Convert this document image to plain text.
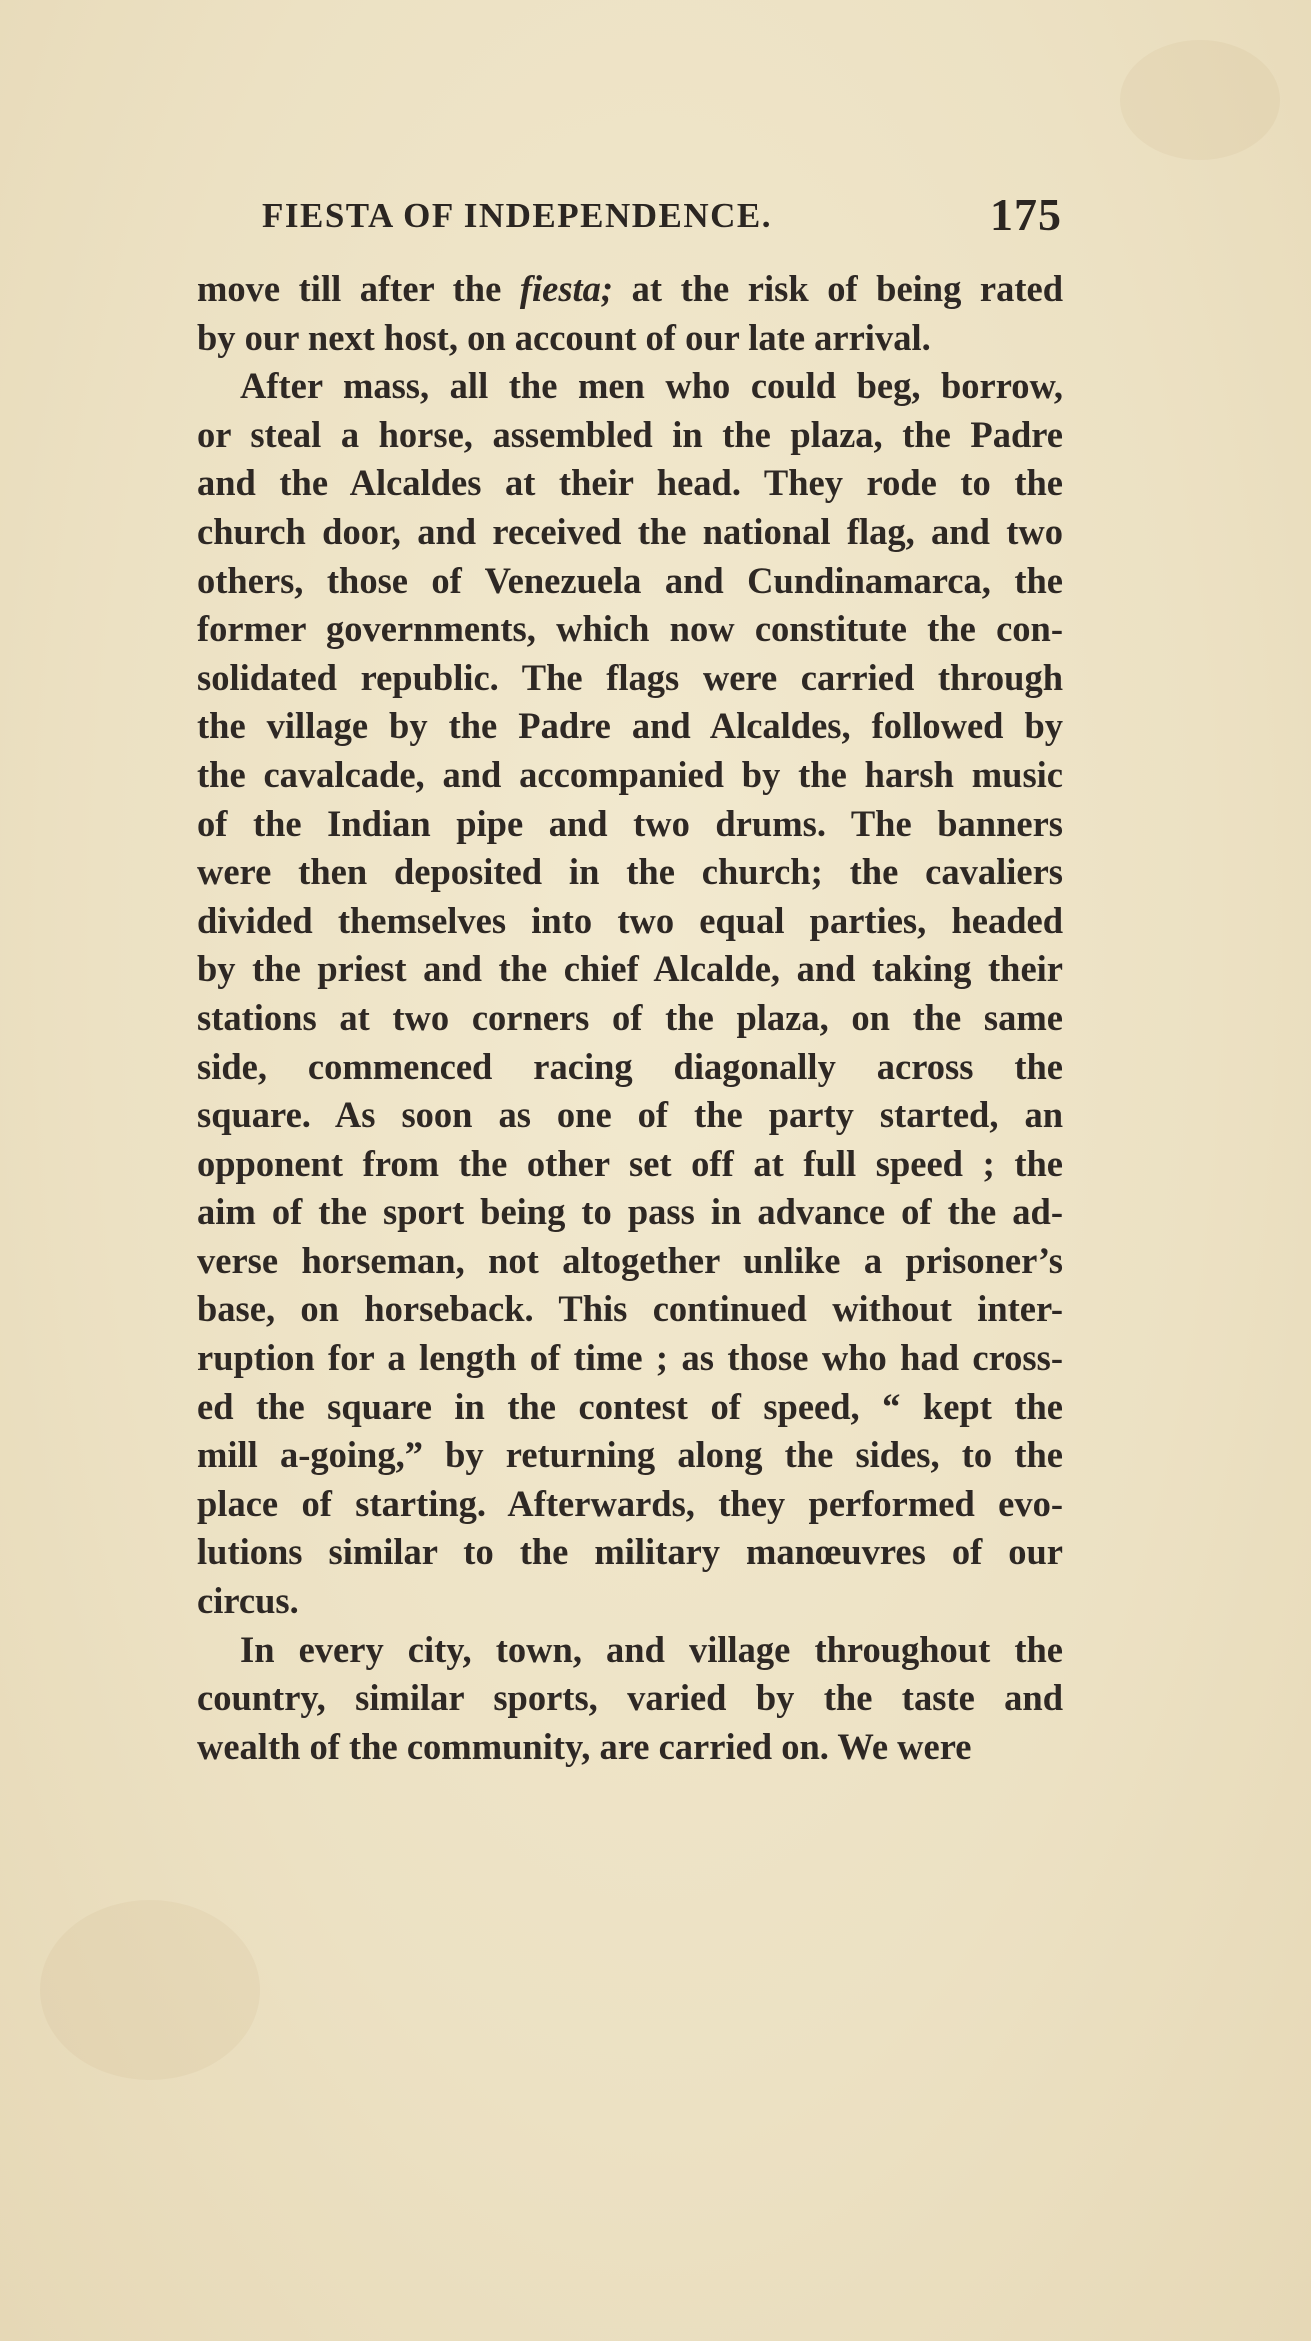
FIESTA OF INDEPENDENCE.	175
move till after the fiesta; at the risk of being rated
by our next host, on account of our late arrival.
After mass, all the men who could beg, borrow,
or steal a horse, assembled in the plaza, the Padre
and the Alcaldes at their head. They rode to the
church door, and received the national flag, and two
others, those of Venezuela and Cundinamarca, the
former governments, which now constitute the con-
solidated republic. The flags were carried through
the village by the Padre and Alcaldes, followed by
the cavalcade, and accompanied by the harsh music
of the Indian pipe and two drums. The banners
were then deposited in the church; the cavaliers
divided themselves into two equal parties, headed
by the priest and the chief Alcalde, and taking their
stations at two corners of the plaza, on the same
side, commenced racing diagonally across the
square. As soon as one of the party started, an
opponent from the other set off at full speed ; the
aim of the sport being to pass in advance of the ad-
verse horseman, not altogether unlike a prisoner’s
base, on horseback. This continued without inter-
ruption for a length of time ; as those who had cross-
ed the square in the contest of speed, “ kept the
mill a-going,” by returning along the sides, to the
place of starting. Afterwards, they performed evo-
lutions similar to the military manœuvres of our
circus.
In every city, town, and village throughout the
country, similar sports, varied by the taste and
wealth of the community, are carried on. We were
